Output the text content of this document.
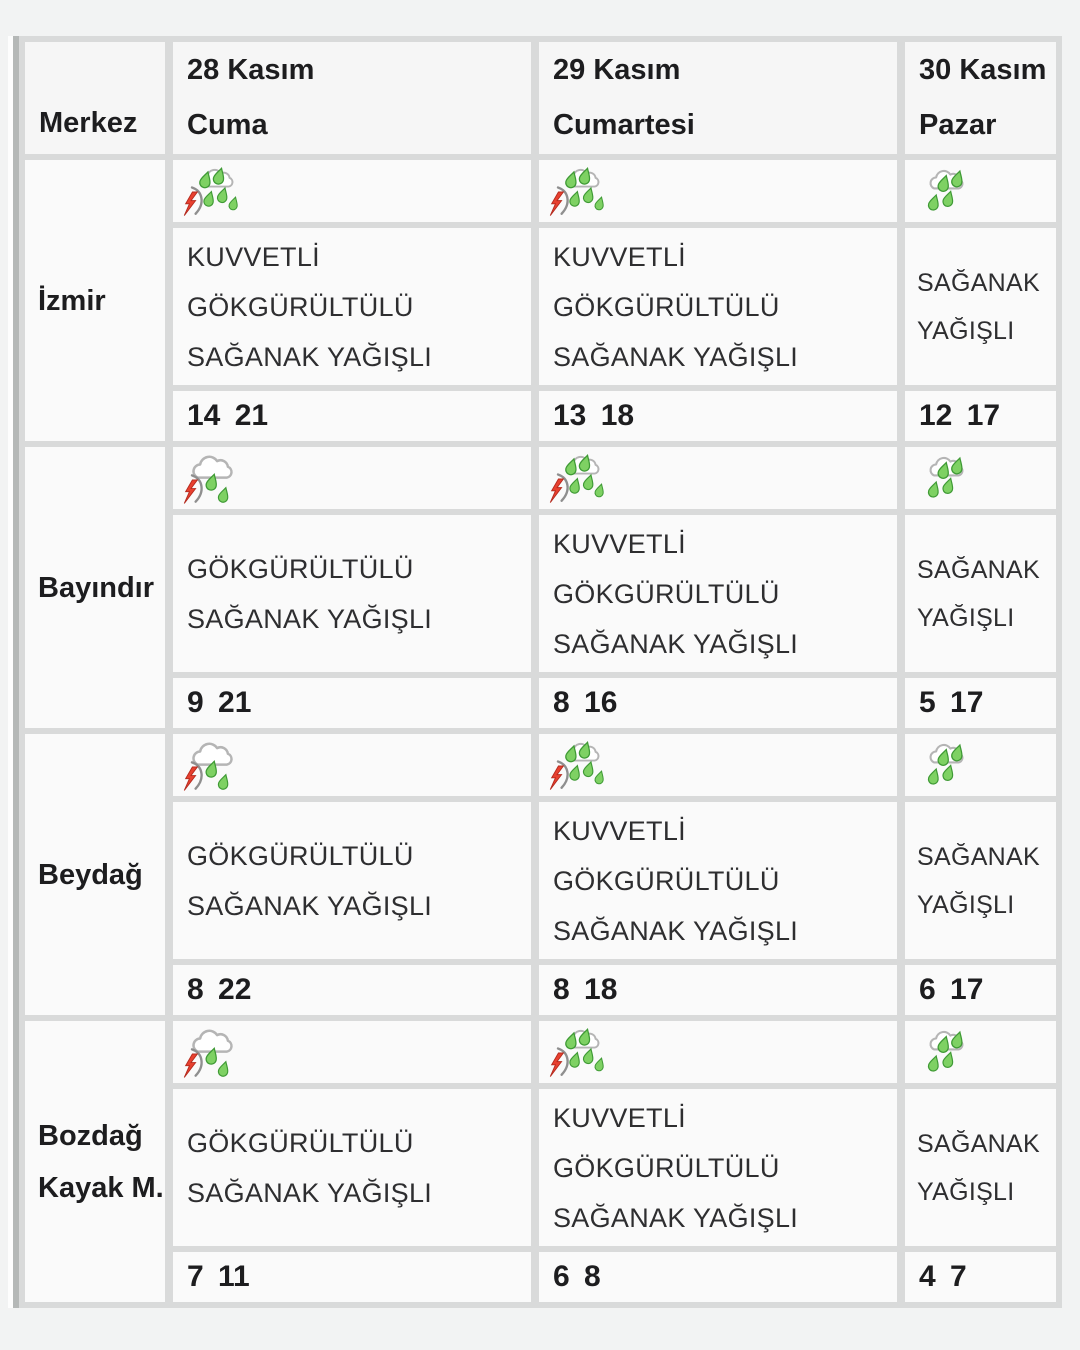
Merkez
28 Kasım
Cuma
29 Kasım
Cumartesi
30 Kasım
Pazar
İzmir
KUVVETLİ GÖKGÜRÜLTÜLÜ SAĞANAK YAĞIŞLI
14 21
KUVVETLİ GÖKGÜRÜLTÜLÜ SAĞANAK YAĞIŞLI
13 18
SAĞANAK YAĞIŞLI
12 17
Bayındır
GÖKGÜRÜLTÜLÜ SAĞANAK YAĞIŞLI
9 21
KUVVETLİ GÖKGÜRÜLTÜLÜ SAĞANAK YAĞIŞLI
8 16
SAĞANAK YAĞIŞLI
5 17
Beydağ
GÖKGÜRÜLTÜLÜ SAĞANAK YAĞIŞLI
8 22
KUVVETLİ GÖKGÜRÜLTÜLÜ SAĞANAK YAĞIŞLI
8 18
SAĞANAK YAĞIŞLI
6 17
Bozdağ Kayak M.
GÖKGÜRÜLTÜLÜ SAĞANAK YAĞIŞLI
7 11
KUVVETLİ GÖKGÜRÜLTÜLÜ SAĞANAK YAĞIŞLI
6 8
SAĞANAK YAĞIŞLI
4 7
